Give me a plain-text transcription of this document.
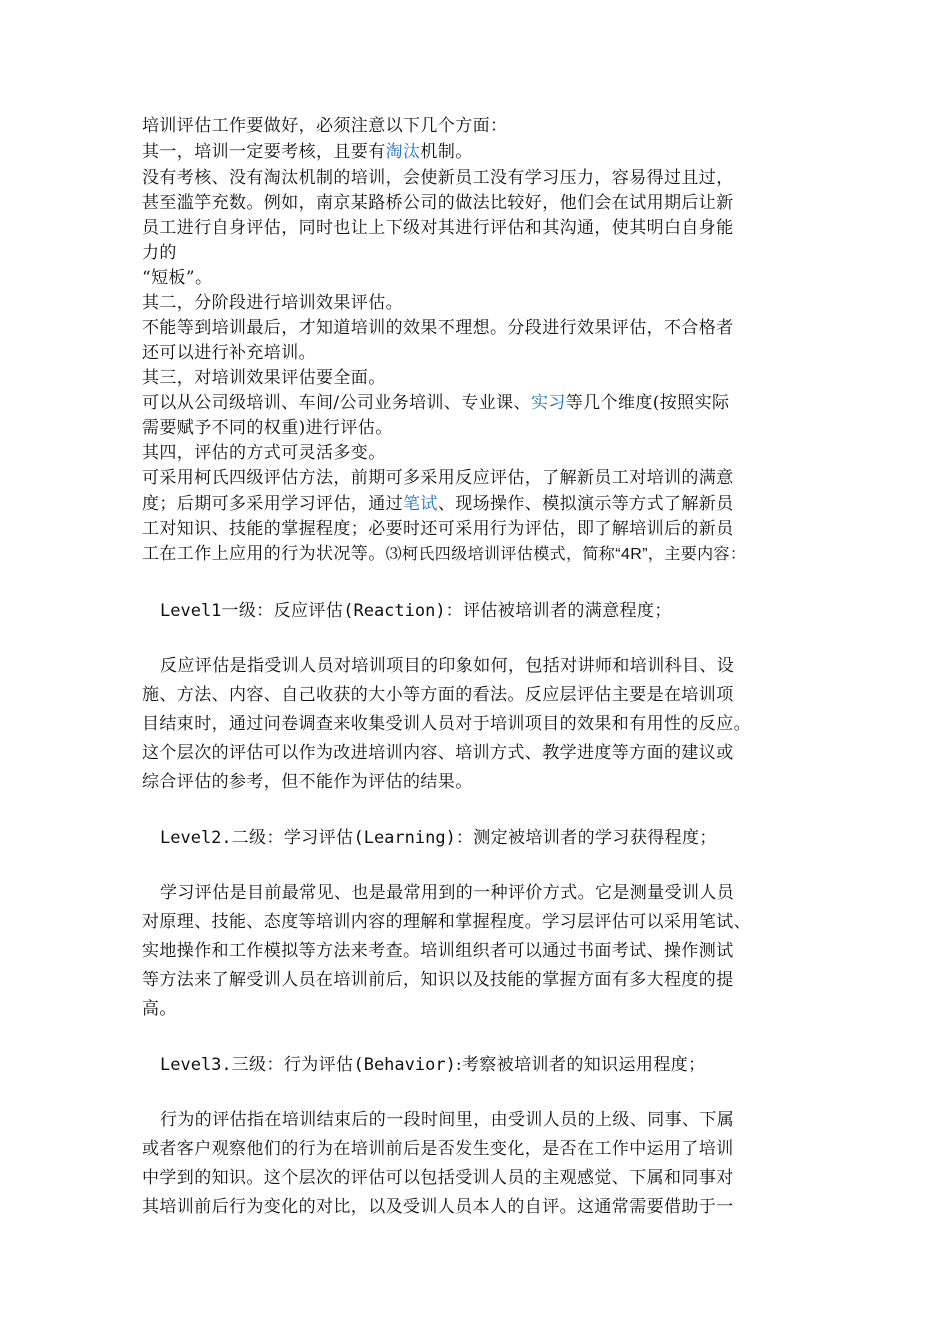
培训评估工作要做好，必须注意以下几个方面：
其一，培训一定要考核，且要有淘汰机制。
没有考核、没有淘汰机制的培训，会使新员工没有学习压力，容易得过且过，
甚至滥竽充数。例如，南京某路桥公司的做法比较好，他们会在试用期后让新
员工进行自身评估，同时也让上下级对其进行评估和其沟通，使其明白自身能
力的
“短板”。
其二，分阶段进行培训效果评估。
不能等到培训最后，才知道培训的效果不理想。分段进行效果评估，不合格者
还可以进行补充培训。
其三，对培训效果评估要全面。
可以从公司级培训、车间/公司业务培训、专业课、实习等几个维度(按照实际
需要赋予不同的权重)进行评估。
其四，评估的方式可灵活多变。
可采用柯氏四级评估方法，前期可多采用反应评估，了解新员工对培训的满意
度；后期可多采用学习评估，通过笔试、现场操作、模拟演示等方式了解新员
工对知识、技能的掌握程度；必要时还可采用行为评估，即了解培训后的新员
工在工作上应用的行为状况等。⑶柯氏四级培训评估模式，简称“4R”，主要内容：
Level1一级：反应评估(Reaction)：评估被培训者的满意程度；
反应评估是指受训人员对培训项目的印象如何，包括对讲师和培训科目、设
施、方法、内容、自己收获的大小等方面的看法。反应层评估主要是在培训项
目结束时，通过问卷调查来收集受训人员对于培训项目的效果和有用性的反应。
这个层次的评估可以作为改进培训内容、培训方式、教学进度等方面的建议或
综合评估的参考，但不能作为评估的结果。
Level2.二级：学习评估(Learning)：测定被培训者的学习获得程度；
学习评估是目前最常见、也是最常用到的一种评价方式。它是测量受训人员
对原理、技能、态度等培训内容的理解和掌握程度。学习层评估可以采用笔试、
实地操作和工作模拟等方法来考查。培训组织者可以通过书面考试、操作测试
等方法来了解受训人员在培训前后，知识以及技能的掌握方面有多大程度的提
高。
Level3.三级：行为评估(Behavior):考察被培训者的知识运用程度；
行为的评估指在培训结束后的一段时间里，由受训人员的上级、同事、下属
或者客户观察他们的行为在培训前后是否发生变化，是否在工作中运用了培训
中学到的知识。这个层次的评估可以包括受训人员的主观感觉、下属和同事对
其培训前后行为变化的对比，以及受训人员本人的自评。这通常需要借助于一
